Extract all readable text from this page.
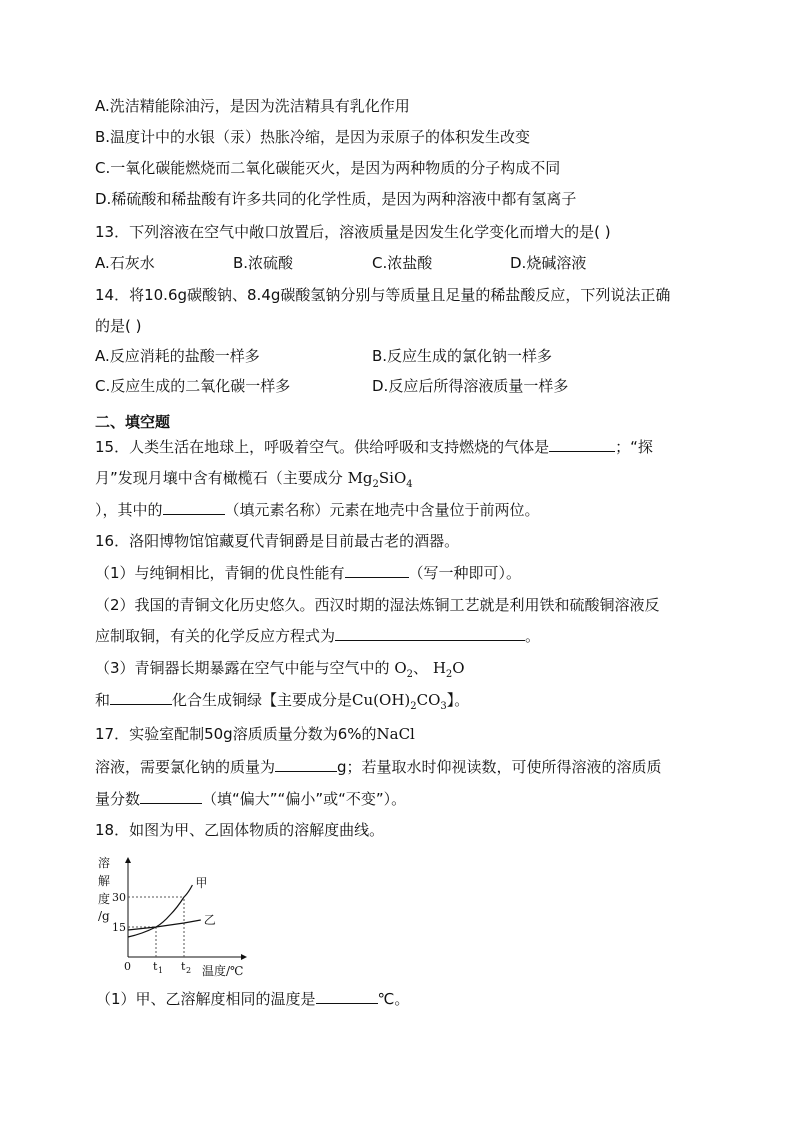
A.洗洁精能除油污，是因为洗洁精具有乳化作用
B.温度计中的水银（汞）热胀冷缩，是因为汞原子的体积发生改变
C.一氧化碳能燃烧而二氧化碳能灭火，是因为两种物质的分子构成不同
D.稀硫酸和稀盐酸有许多共同的化学性质，是因为两种溶液中都有氢离子
13．下列溶液在空气中敞口放置后，溶液质量是因发生化学变化而增大的是( )
A.石灰水	B.浓硫酸	C.浓盐酸	D.烧碱溶液
14．将10.6g碳酸钠、8.4g碳酸氢钠分别与等质量且足量的稀盐酸反应，下列说法正确
的是( )
A.反应消耗的盐酸一样多	B.反应生成的氯化钠一样多
C.反应生成的二氧化碳一样多	D.反应后所得溶液质量一样多
二、填空题
15．人类生活在地球上，呼吸着空气。供给呼吸和支持燃烧的气体是	；“探
月”发现月壤中含有橄榄石（主要成分 $Mg_2SiO_4$
），其中的	（填元素名称）元素在地壳中含量位于前两位。
16．洛阳博物馆馆藏夏代青铜爵是目前最古老的酒器。
（1）与纯铜相比，青铜的优良性能有	（写一种即可）。
（2）我国的青铜文化历史悠久。西汉时期的湿法炼铜工艺就是利用铁和硫酸铜溶液反
应制取铜，有关的化学反应方程式为	。
（3）青铜器长期暴露在空气中能与空气中的 $O_2$、 $H_2O$
和	化合生成铜绿【主要成分是$Cu(OH)_2CO_3$】。
17．实验室配制50g溶质质量分数为6%的NaCl
溶液，需要氯化钠的质量为	g；若量取水时仰视读数，可使所得溶液的溶质质
量分数	（填“偏大”“偏小”或“不变”）。
18．如图为甲、乙固体物质的溶解度曲线。
溶
解
度
/g
甲
乙
30
15
0 t 1 t 2 温度/℃
（1）甲、乙溶解度相同的温度是	℃。
